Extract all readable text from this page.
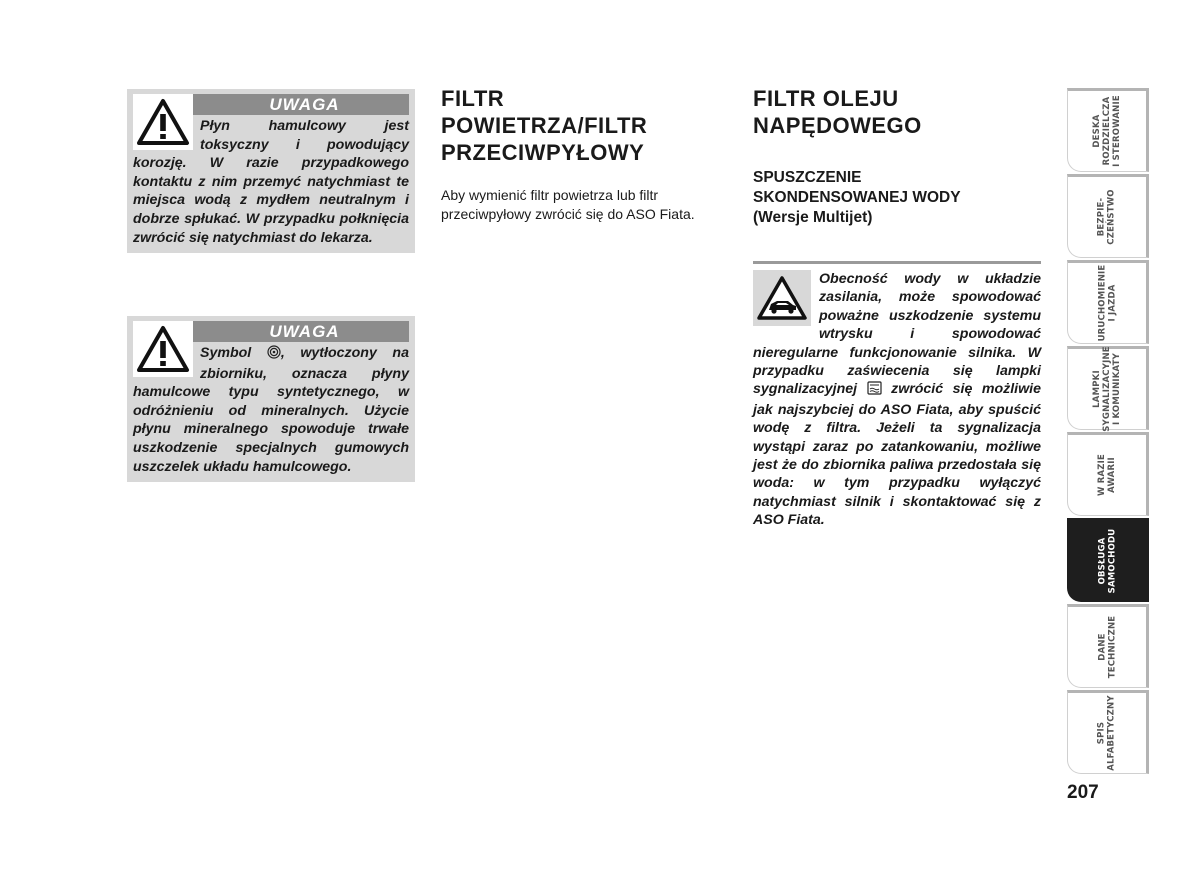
UWAGA

Płyn hamulcowy jest toksyczny i powodujący korozję. W razie przypadkowego kontaktu z nim przemyć natychmiast te miejsca wodą z mydłem neutralnym i dobrze spłukać. W przypadku połknięcia zwrócić się natychmiast do lekarza.

UWAGA

Symbol , wytłoczony na zbiorniku, oznacza płyny hamulcowe typu syntetycznego, w odróżnieniu od mineralnych. Użycie płynu mineralnego spowoduje trwałe uszkodzenie specjalnych gumowych uszczelek układu hamulcowego.

FILTR
POWIETRZA/FILTR
PRZECIWPYŁOWY

Aby wymienić filtr powietrza lub filtr przeciwpyłowy zwrócić się do ASO Fiata.

FILTR OLEJU
NAPĘDOWEGO
SPUSZCZENIE
SKONDENSOWANEJ WODY
(Wersje Multijet)

Obecność wody w układzie zasilania, może spowodować poważne uszkodzenie systemu wtrysku i spowodować nieregularne funkcjonowanie silnika. W przypadku zaświecenia się lampki sygnalizacyjnej  zwrócić się możliwie jak najszybciej do ASO Fiata, aby spuścić wodę z filtra. Jeżeli ta sygnalizacja wystąpi zaraz po zatankowaniu, możliwe jest że do zbiornika paliwa przedostała się woda: w tym przypadku wyłączyć natychmiast silnik i skontaktować się z ASO Fiata.

DESKA
ROZDZIELCZA
I STEROWANIE
BEZPIE-
CZEŃSTWO
URUCHOMIENIE
I JAZDA
LAMPKI
SYGNALIZACYJNE
I KOMUNIKATY
W RAZIE
AWARII
OBSŁUGA
SAMOCHODU
DANE
TECHNICZNE
SPIS
ALFABETYCZNY
207
